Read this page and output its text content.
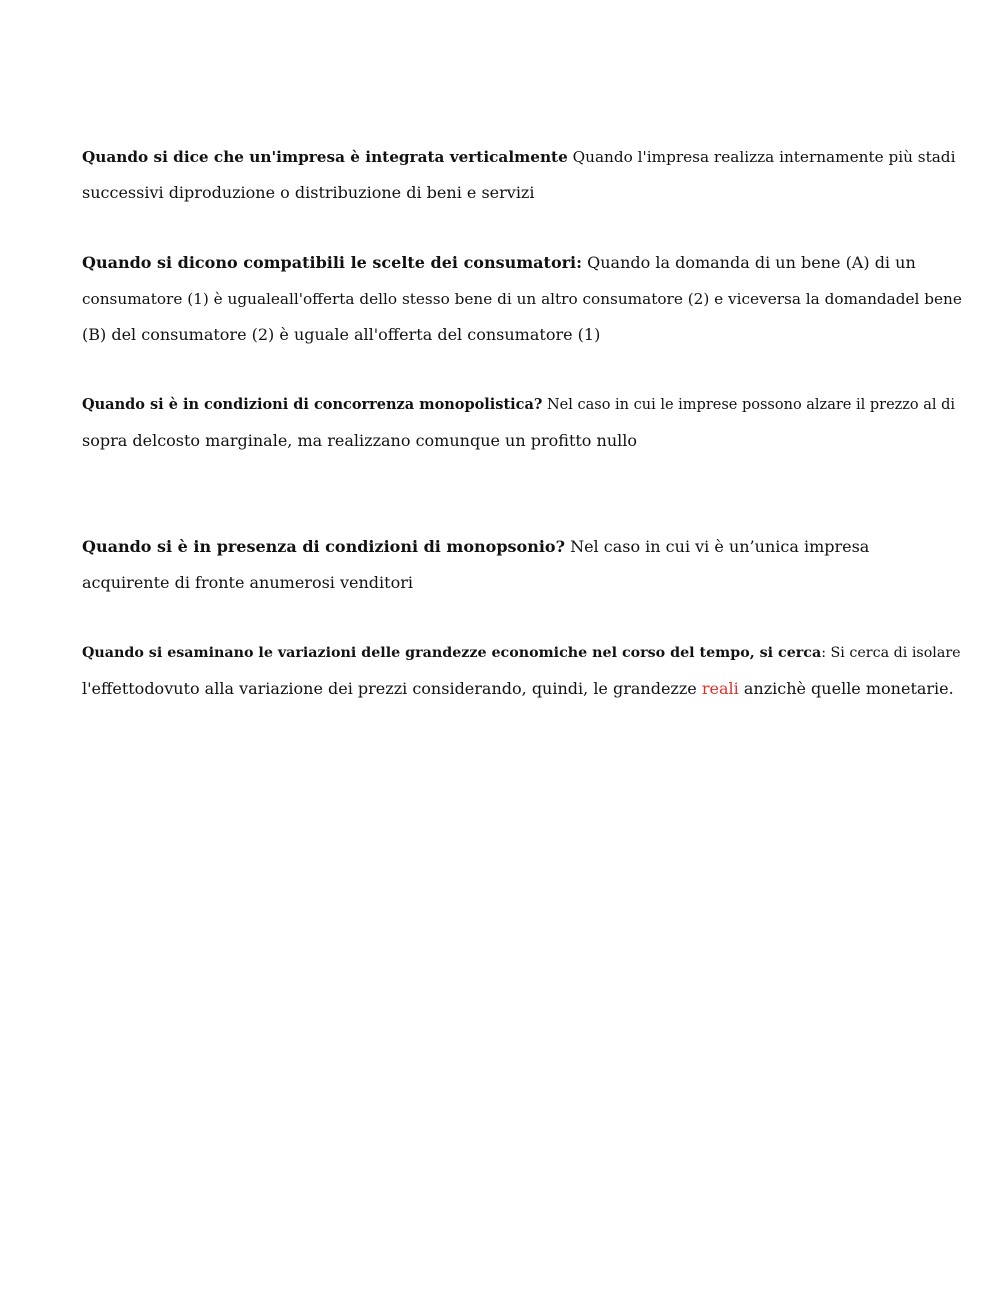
Quando si dice che un'impresa è integrata verticalmente Quando l'impresa realizza internamente più stadi
successivi diproduzione o distribuzione di beni e servizi

Quando si dicono compatibili le scelte dei consumatori: Quando la domanda di un bene (A) di un
consumatore (1) è ugualeall'offerta dello stesso bene di un altro consumatore (2) e viceversa la domandadel bene
(B) del consumatore (2) è uguale all'offerta del consumatore (1)

Quando si è in condizioni di concorrenza monopolistica? Nel caso in cui le imprese possono alzare il prezzo al di
sopra delcosto marginale, ma realizzano comunque un profitto nullo

Quando si è in presenza di condizioni di monopsonio? Nel caso in cui vi è un’unica impresa
acquirente di fronte anumerosi venditori

Quando si esaminano le variazioni delle grandezze economiche nel corso del tempo, si cerca: Si cerca di isolare
l'effettodovuto alla variazione dei prezzi considerando, quindi, le grandezze reali anzichè quelle monetarie.
